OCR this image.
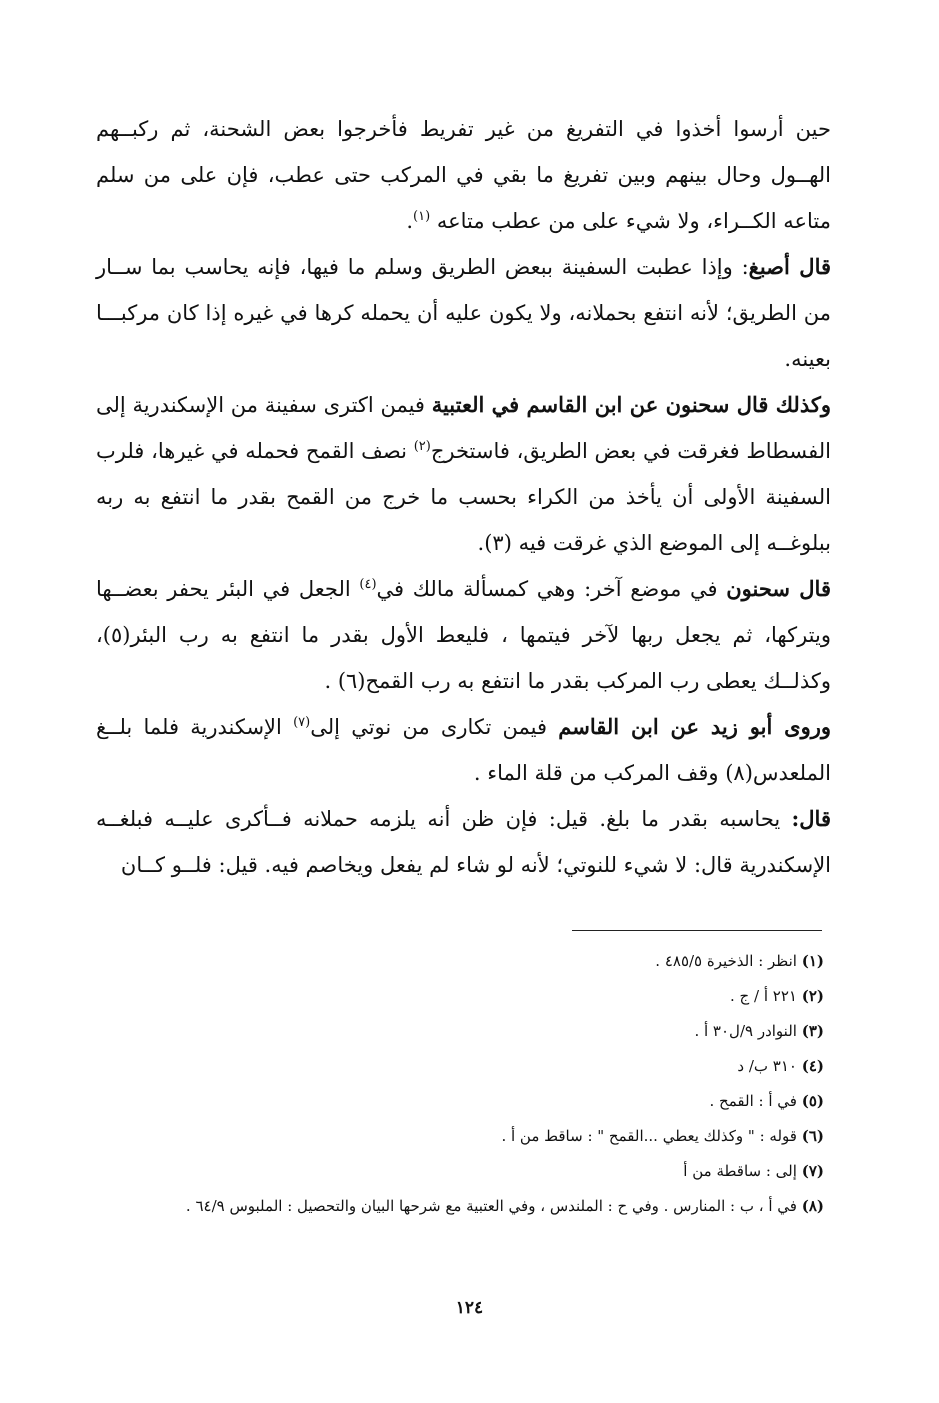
حين أرسوا أخذوا في التفريغ من غير تفريط فأخرجوا بعض الشحنة، ثم ركبــهم الهــول وحال بينهم وبين تفريغ ما بقي في المركب حتى عطب، فإن على من سلم متاعه الكــراء، ولا شيء على من عطب متاعه $^{(١)}$.

قال أصبغ: وإذا عطبت السفينة ببعض الطريق وسلم ما فيها، فإنه يحاسب بما ســار من الطريق؛ لأنه انتفع بحملانه، ولا يكون عليه أن يحمله كرها في غيره إذا كان مركبـــا بعينه.

وكذلك قال سحنون عن ابن القاسم في العتبية فيمن اكترى سفينة من الإسكندرية إلى الفسطاط فغرقت في بعض الطريق، فاستخرج$^{(٢)}$ نصف القمح فحمله في غيرها، فلرب السفينة الأولى أن يأخذ من الكراء بحسب ما خرج من القمح بقدر ما انتفع به ربه ببلوغــه إلى الموضع الذي غرقت فيه (٣).

قال سحنون في موضع آخر: وهي كمسألة مالك في$^{(٤)}$ الجعل في البئر يحفر بعضــها ويتركها، ثم يجعل ربها لآخر فيتمها ، فليعط الأول بقدر ما انتفع به رب البئر(٥)، وكذلــك يعطى رب المركب بقدر ما انتفع به رب القمح(٦) .

وروى أبو زيد عن ابن القاسم فيمن تكارى من نوتي إلى$^{(٧)}$ الإسكندرية فلما بلــغ الملعدس(٨) وقف المركب من قلة الماء .

قال: يحاسبه بقدر ما بلغ. قيل: فإن ظن أنه يلزمه حملانه فــأكرى عليــه فبلغــه الإسكندرية قال: لا شيء للنوتي؛ لأنه لو شاء لم يفعل ويخاصم فيه. قيل: فلــو كــان

(١) انظر : الذخيرة ٤٨٥/٥ .

(٢) ٢٢١ أ / ج .

(٣) النوادر ٩/ل٣٠ أ .

(٤) ٣١٠ ب/ د

(٥) في أ : القمح .

(٦) قوله : " وكذلك يعطي ...القمح " : ساقط من أ .

(٧) إلى : ساقطة من أ

(٨) في أ ، ب : المنارس . وفي ح : الملندس ، وفي العتبية مع شرحها البيان والتحصيل : الملبوس ٦٤/٩ .

١٢٤
